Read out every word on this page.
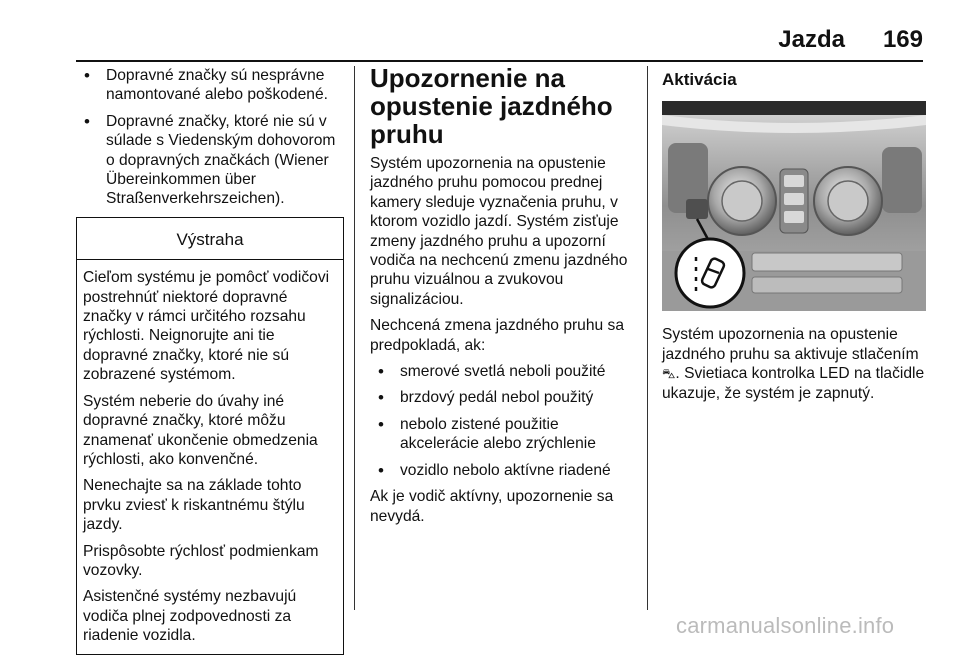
Jazda 169
• Dopravné značky sú nesprávne namontované alebo poškodené.
• Dopravné značky, ktoré nie sú v súlade s Viedenským dohovorom o dopravných značkách (Wiener Übereinkommen über Straßenverkehrszeichen).
Výstraha

Cieľom systému je pomôcť vodičovi postrehnúť niektoré dopravné značky v rámci určitého rozsahu rýchlosti. Neignorujte ani tie dopravné značky, ktoré nie sú zobrazené systémom.

Systém neberie do úvahy iné dopravné značky, ktoré môžu znamenať ukončenie obmedzenia rýchlosti, ako konvenčné.

Nenechajte sa na základe tohto prvku zviesť k riskantnému štýlu jazdy.

Prispôsobte rýchlosť podmienkam vozovky.

Asistenčné systémy nezbavujú vodiča plnej zodpovednosti za riadenie vozidla.

Upozornenie na opustenie jazdného pruhu

Systém upozornenia na opustenie jazdného pruhu pomocou prednej kamery sleduje vyznačenia pruhu, v ktorom vozidlo jazdí. Systém zisťuje zmeny jazdného pruhu a upozorní vodiča na nechcenú zmenu jazdného pruhu vizuálnou a zvukovou signalizáciou.

Nechcená zmena jazdného pruhu sa predpokladá, ak:

• smerové svetlá neboli použité
• brzdový pedál nebol použitý
• nebolo zistené použitie akcelerácie alebo zrýchlenie
• vozidlo nebolo aktívne riadené

Ak je vodič aktívny, upozornenie sa nevydá.

Aktivácia

Systém upozornenia na opustenie jazdného pruhu sa aktivuje stlačením ⛍. Svietiaca kontrolka LED na tlačidle ukazuje, že systém je zapnutý.

carmanualsonline.info
